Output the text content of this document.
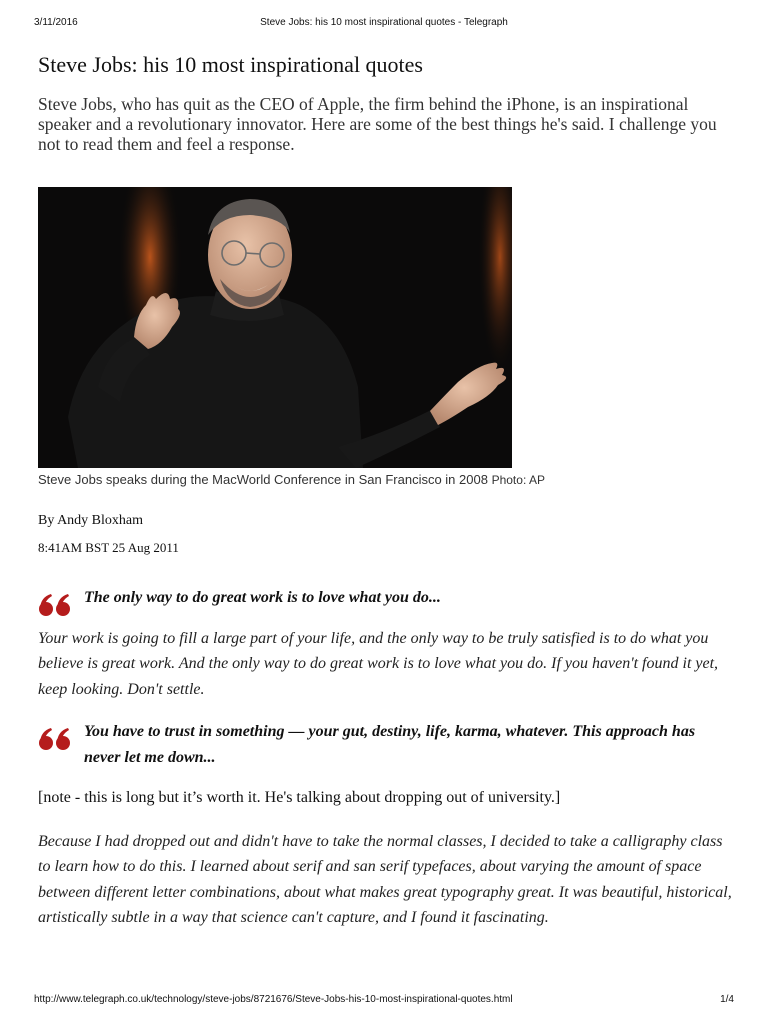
3/11/2016	Steve Jobs: his 10 most inspirational quotes - Telegraph
Steve Jobs: his 10 most inspirational quotes

Steve Jobs, who has quit as the CEO of Apple, the firm behind the iPhone, is an inspirational speaker and a revolutionary innovator. Here are some of the best things he's said. I challenge you not to read them and feel a response.

Steve Jobs speaks during the MacWorld Conference in San Francisco in 2008 Photo: AP
By Andy Bloxham
8:41AM BST 25 Aug 2011

The only way to do great work is to love what you do...

Your work is going to fill a large part of your life, and the only way to be truly satisfied is to do what you believe is great work. And the only way to do great work is to love what you do. If you haven't found it yet, keep looking. Don't settle.

You have to trust in something — your gut, destiny, life, karma, whatever. This approach has never let me down...

[note - this is long but it’s worth it. He's talking about dropping out of university.]

Because I had dropped out and didn't have to take the normal classes, I decided to take a calligraphy class to learn how to do this. I learned about serif and san serif typefaces, about varying the amount of space between different letter combinations, about what makes great typography great. It was beautiful, historical, artistically subtle in a way that science can't capture, and I found it fascinating.

http://www.telegraph.co.uk/technology/steve-jobs/8721676/Steve-Jobs-his-10-most-inspirational-quotes.html	1/4
